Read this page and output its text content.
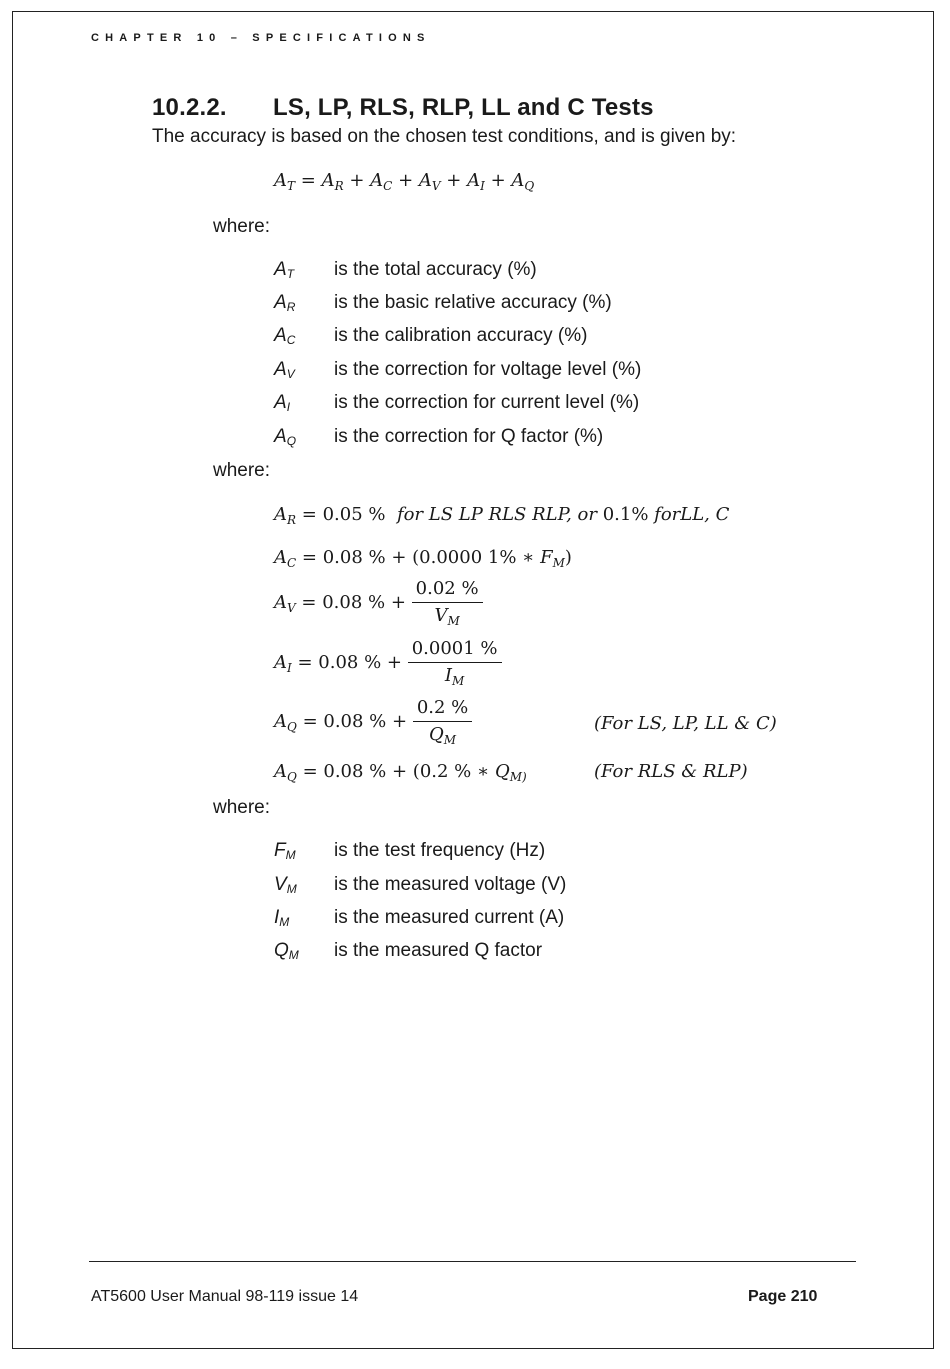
CHAPTER 10 – SPECIFICATIONS
10.2.2. LS, LP, RLS, RLP, LL and C Tests
The accuracy is based on the chosen test conditions, and is given by:
$A_T = A_R + A_C + A_V + A_I + A_Q$
where:
$A_T$ is the total accuracy (%)
$A_R$ is the basic relative accuracy (%)
$A_C$ is the calibration accuracy (%)
$A_V$ is the correction for voltage level (%)
$A_I$ is the correction for current level (%)
$A_Q$ is the correction for Q factor (%)
where:
$A_R = 0.05$ % for LS LP RLS RLP, or 0.1% forLL, C
$A_C = 0.08$ % + (0.0000 1% ∗ $F_M$)
$A_V = 0.08$ % + $\frac{0.02 \%}{V_M}$
$A_I = 0.08$ % + $\frac{0.0001 \%}{I_M}$
$A_Q = 0.08$ % + $\frac{0.2 \%}{Q_M}$	(For LS, LP, LL & C)
$A_Q = 0.08$ % + (0.2 % ∗ $Q_{M)}$	(For RLS & RLP)
where:
$F_M$ is the test frequency (Hz)
$V_M$ is the measured voltage (V)
$I_M$ is the measured current (A)
$Q_M$ is the measured Q factor
AT5600 User Manual 98-119 issue 14	Page 210
